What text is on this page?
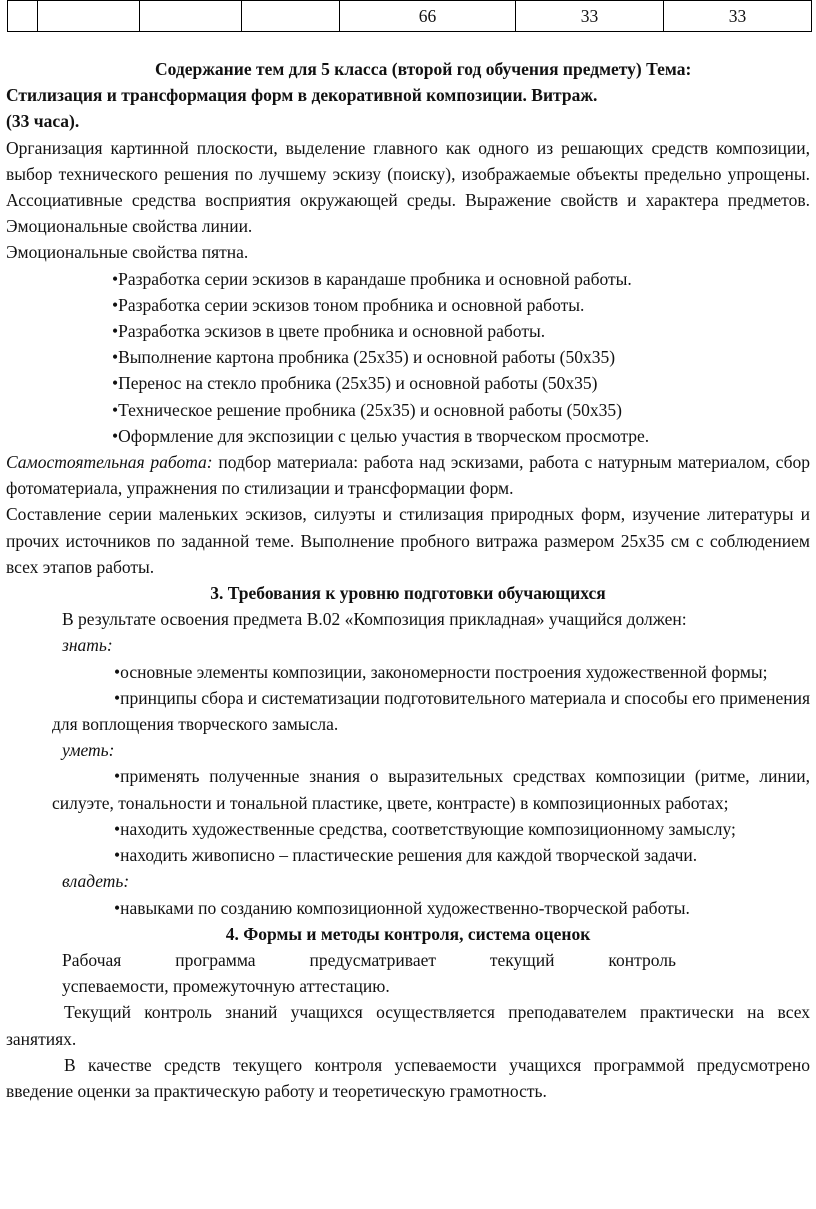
				66	33	33

Содержание тем для 5 класса (второй год обучения предмету) Тема:

Стилизация и трансформация форм в декоративной композиции. Витраж.

(33 часа).

Организация картинной плоскости, выделение главного как одного из решающих средств композиции, выбор технического решения по лучшему эскизу (поиску), изображаемые объекты предельно упрощены. Ассоциативные средства восприятия окружающей среды. Выражение свойств и характера предметов. Эмоциональные свойства линии.

Эмоциональные свойства пятна.

•Разработка серии эскизов в карандаше пробника и основной работы.

•Разработка серии эскизов тоном пробника и основной работы.

•Разработка эскизов в цвете пробника и основной работы.

•Выполнение картона пробника (25x35) и основной работы (50x35)

•Перенос на стекло пробника (25x35) и основной работы (50x35)

•Техническое решение пробника (25x35) и основной работы (50x35)

•Оформление для экспозиции с целью участия в творческом просмотре.

Самостоятельная работа: подбор материала: работа над эскизами, работа с натурным материалом, сбор фотоматериала, упражнения по стилизации и трансформации форм.

Составление серии маленьких эскизов, силуэты и стилизация природных форм, изучение литературы и прочих источников по заданной теме. Выполнение пробного витража размером 25x35 см с соблюдением всех этапов работы.

3. Требования к уровню подготовки обучающихся

В результате освоения предмета В.02 «Композиция прикладная» учащийся должен:

знать:

•основные элементы композиции, закономерности построения художественной формы;

•принципы сбора и систематизации подготовительного материала и способы его применения для воплощения творческого замысла.

уметь:

•применять полученные знания о выразительных средствах композиции (ритме, линии, силуэте, тональности и тональной пластике, цвете, контрасте) в композиционных работах;

•находить художественные средства, соответствующие композиционному замыслу;

•находить живописно – пластические решения для каждой творческой задачи.

владеть:

•навыками по созданию композиционной художественно-творческой работы.

4. Формы и методы контроля, система оценок

Рабочая программа предусматривает текущий контроль

успеваемости, промежуточную аттестацию.

Текущий контроль знаний учащихся осуществляется преподавателем практически на всех занятиях.

В качестве средств текущего контроля успеваемости учащихся программой предусмотрено введение оценки за практическую работу и теоретическую грамотность.
